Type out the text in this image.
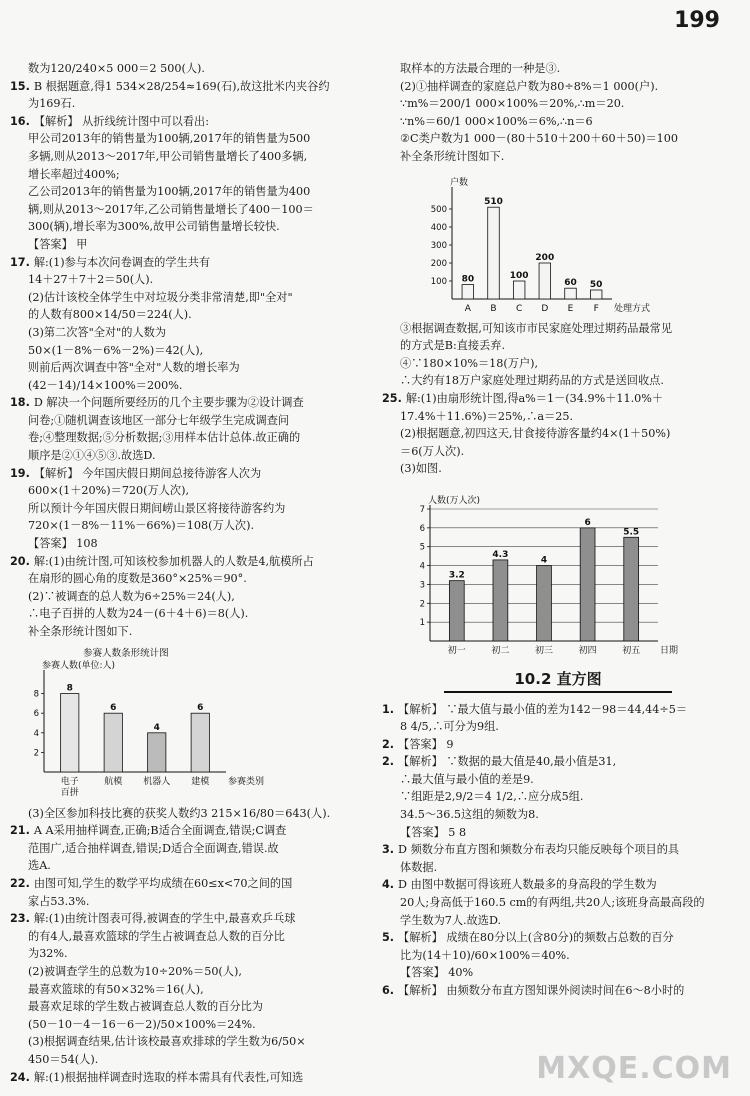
199
数为120/240×5 000＝2 500(人).
15. B 根据题意,得1 534×28/254≈169(石),故这批米内夹谷约
为169石.
16. 【解析】 从折线统计图中可以看出:
甲公司2013年的销售量为100辆,2017年的销售量为500
多辆,则从2013～2017年,甲公司销售量增长了400多辆,
增长率超过400%;
乙公司2013年的销售量为100辆,2017年的销售量为400
辆,则从2013～2017年,乙公司销售量增长了400－100＝
300(辆),增长率为300%,故甲公司销售量增长较快.
【答案】 甲
17. 解:(1)参与本次问卷调查的学生共有
14＋27＋7＋2＝50(人).
(2)估计该校全体学生中对垃圾分类非常清楚,即"全对"
的人数有800×14/50＝224(人).
(3)第二次答"全对"的人数为
50×(1－8%－6%－2%)＝42(人),
则前后两次调查中答"全对"人数的增长率为
(42－14)/14×100%＝200%.
18. D 解决一个问题所要经历的几个主要步骤为②设计调查
问卷;①随机调查该地区一部分七年级学生完成调查问
卷;④整理数据;⑤分析数据;③用样本估计总体.故正确的
顺序是②①④⑤③.故选D.
19. 【解析】 今年国庆假日期间总接待游客人次为
600×(1＋20%)＝720(万人次),
所以预计今年国庆假日期间崂山景区将接待游客约为
720×(1－8%－11%－66%)＝108(万人次).
【答案】 108
20. 解:(1)由统计图,可知该校参加机器人的人数是4,航模所占
在扇形的圆心角的度数是360°×25%＝90°.
(2)∵被调查的总人数为6÷25%＝24(人),
∴电子百拼的人数为24－(6＋4＋6)＝8(人).
补全条形统计图如下.
参赛人数条形统计图
参赛人数(单位:人)
2
4
6
8
8
电子
百拼
6
航模
4
机器人
6
建模 参赛类别
(3)全区参加科技比赛的获奖人数约3 215×16/80＝643(人).
21. A A采用抽样调查,正确;B适合全面调查,错误;C调查
范围广,适合抽样调查,错误;D适合全面调查,错误.故
选A.
22. 由图可知,学生的数学平均成绩在60≤x<70之间的国
家占53.3%.
23. 解:(1)由统计图表可得,被调查的学生中,最喜欢乒乓球
的有4人,最喜欢篮球的学生占被调查总人数的百分比
为32%.
(2)被调查学生的总数为10÷20%＝50(人),
最喜欢篮球的有50×32%＝16(人),
最喜欢足球的学生数占被调查总人数的百分比为
(50－10－4－16－6－2)/50×100%＝24%.
(3)根据调查结果,估计该校最喜欢排球的学生数为6/50×
450＝54(人).
24. 解:(1)根据抽样调查时选取的样本需具有代表性,可知选
取样本的方法最合理的一种是③.
(2)①抽样调查的家庭总户数为80÷8%＝1 000(户).
∵m%＝200/1 000×100%＝20%,∴m＝20.
∵n%＝60/1 000×100%＝6%,∴n＝6
②C类户数为1 000－(80＋510＋200＋60＋50)＝100
补全条形统计图如下.
户数
100
200
300
400
500
80
A
510
B
100
C
200
D
60
E
50
F 处理方式
③根据调查数据,可知该市市民家庭处理过期药品最常见
的方式是B:直接丢弃.
④∵180×10%＝18(万户),
∴大约有18万户家庭处理过期药品的方式是送回收点.
25. 解:(1)由扇形统计图,得a%＝1－(34.9%＋11.0%＋
17.4%＋11.6%)＝25%,∴a＝25.
(2)根据题意,初四这天,甘食接待游客量约4×(1＋50%)
＝6(万人次).
(3)如图.
人数(万人次)
1
2
3
4
5
6
7
3.2
初一
4.3
初二
4
初三
6
初四
5.5
初五 日期
10.2 直方图
1. 【解析】 ∵最大值与最小值的差为142－98＝44,44÷5＝
8 4/5,∴可分为9组.
2. 【答案】 9
2. 【解析】 ∵数据的最大值是40,最小值是31,
∴最大值与最小值的差是9.
∵组距是2,9/2＝4 1/2,∴应分成5组.
34.5～36.5这组的频数为8.
【答案】 5 8
3. D 频数分布直方图和频数分布表均只能反映每个项目的具
体数据.
4. D 由图中数据可得该班人数最多的身高段的学生数为
20人;身高低于160.5 cm的有两组,共20人;该班身高最高段的
学生数为7人.故选D.
5. 【解析】 成绩在80分以上(含80分)的频数占总数的百分
比为(14＋10)/60×100%＝40%.
【答案】 40%
6. 【解析】 由频数分布直方图知课外阅读时间在6～8小时的
MXQE.COM
